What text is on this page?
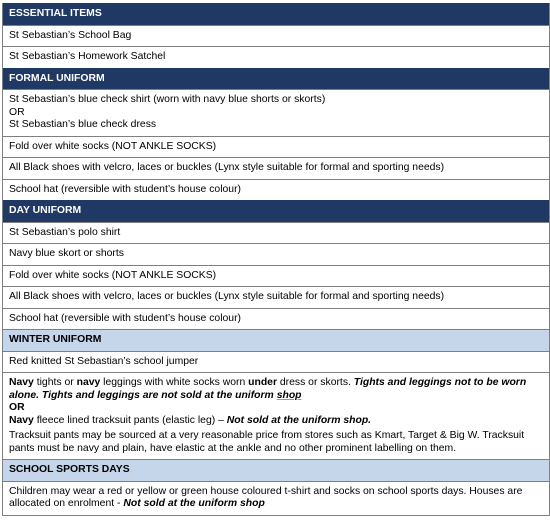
ESSENTIAL ITEMS
St Sebastian’s School Bag
St Sebastian’s Homework Satchel
FORMAL UNIFORM
St Sebastian’s blue check shirt (worn with navy blue shorts or skorts)
OR
St Sebastian’s blue check dress
Fold over white socks (NOT ANKLE SOCKS)
All Black shoes with velcro, laces or buckles (Lynx style suitable for formal and sporting needs)
School hat (reversible with student’s house colour)
DAY UNIFORM
St Sebastian’s polo shirt
Navy blue skort or shorts
Fold over white socks (NOT ANKLE SOCKS)
All Black shoes with velcro, laces or buckles (Lynx style suitable for formal and sporting needs)
School hat (reversible with student’s house colour)
WINTER UNIFORM
Red knitted St Sebastian’s school jumper
Navy tights or navy leggings with white socks worn under dress or skorts. Tights and leggings not to be worn alone. Tights and leggings are not sold at the uniform shop
OR
Navy fleece lined tracksuit pants (elastic leg) – Not sold at the uniform shop.
Tracksuit pants may be sourced at a very reasonable price from stores such as Kmart, Target & Big W. Tracksuit pants must be navy and plain, have elastic at the ankle and no other prominent labelling on them.
SCHOOL SPORTS DAYS
Children may wear a red or yellow or green house coloured t-shirt and socks on school sports days. Houses are allocated on enrolment - Not sold at the uniform shop
